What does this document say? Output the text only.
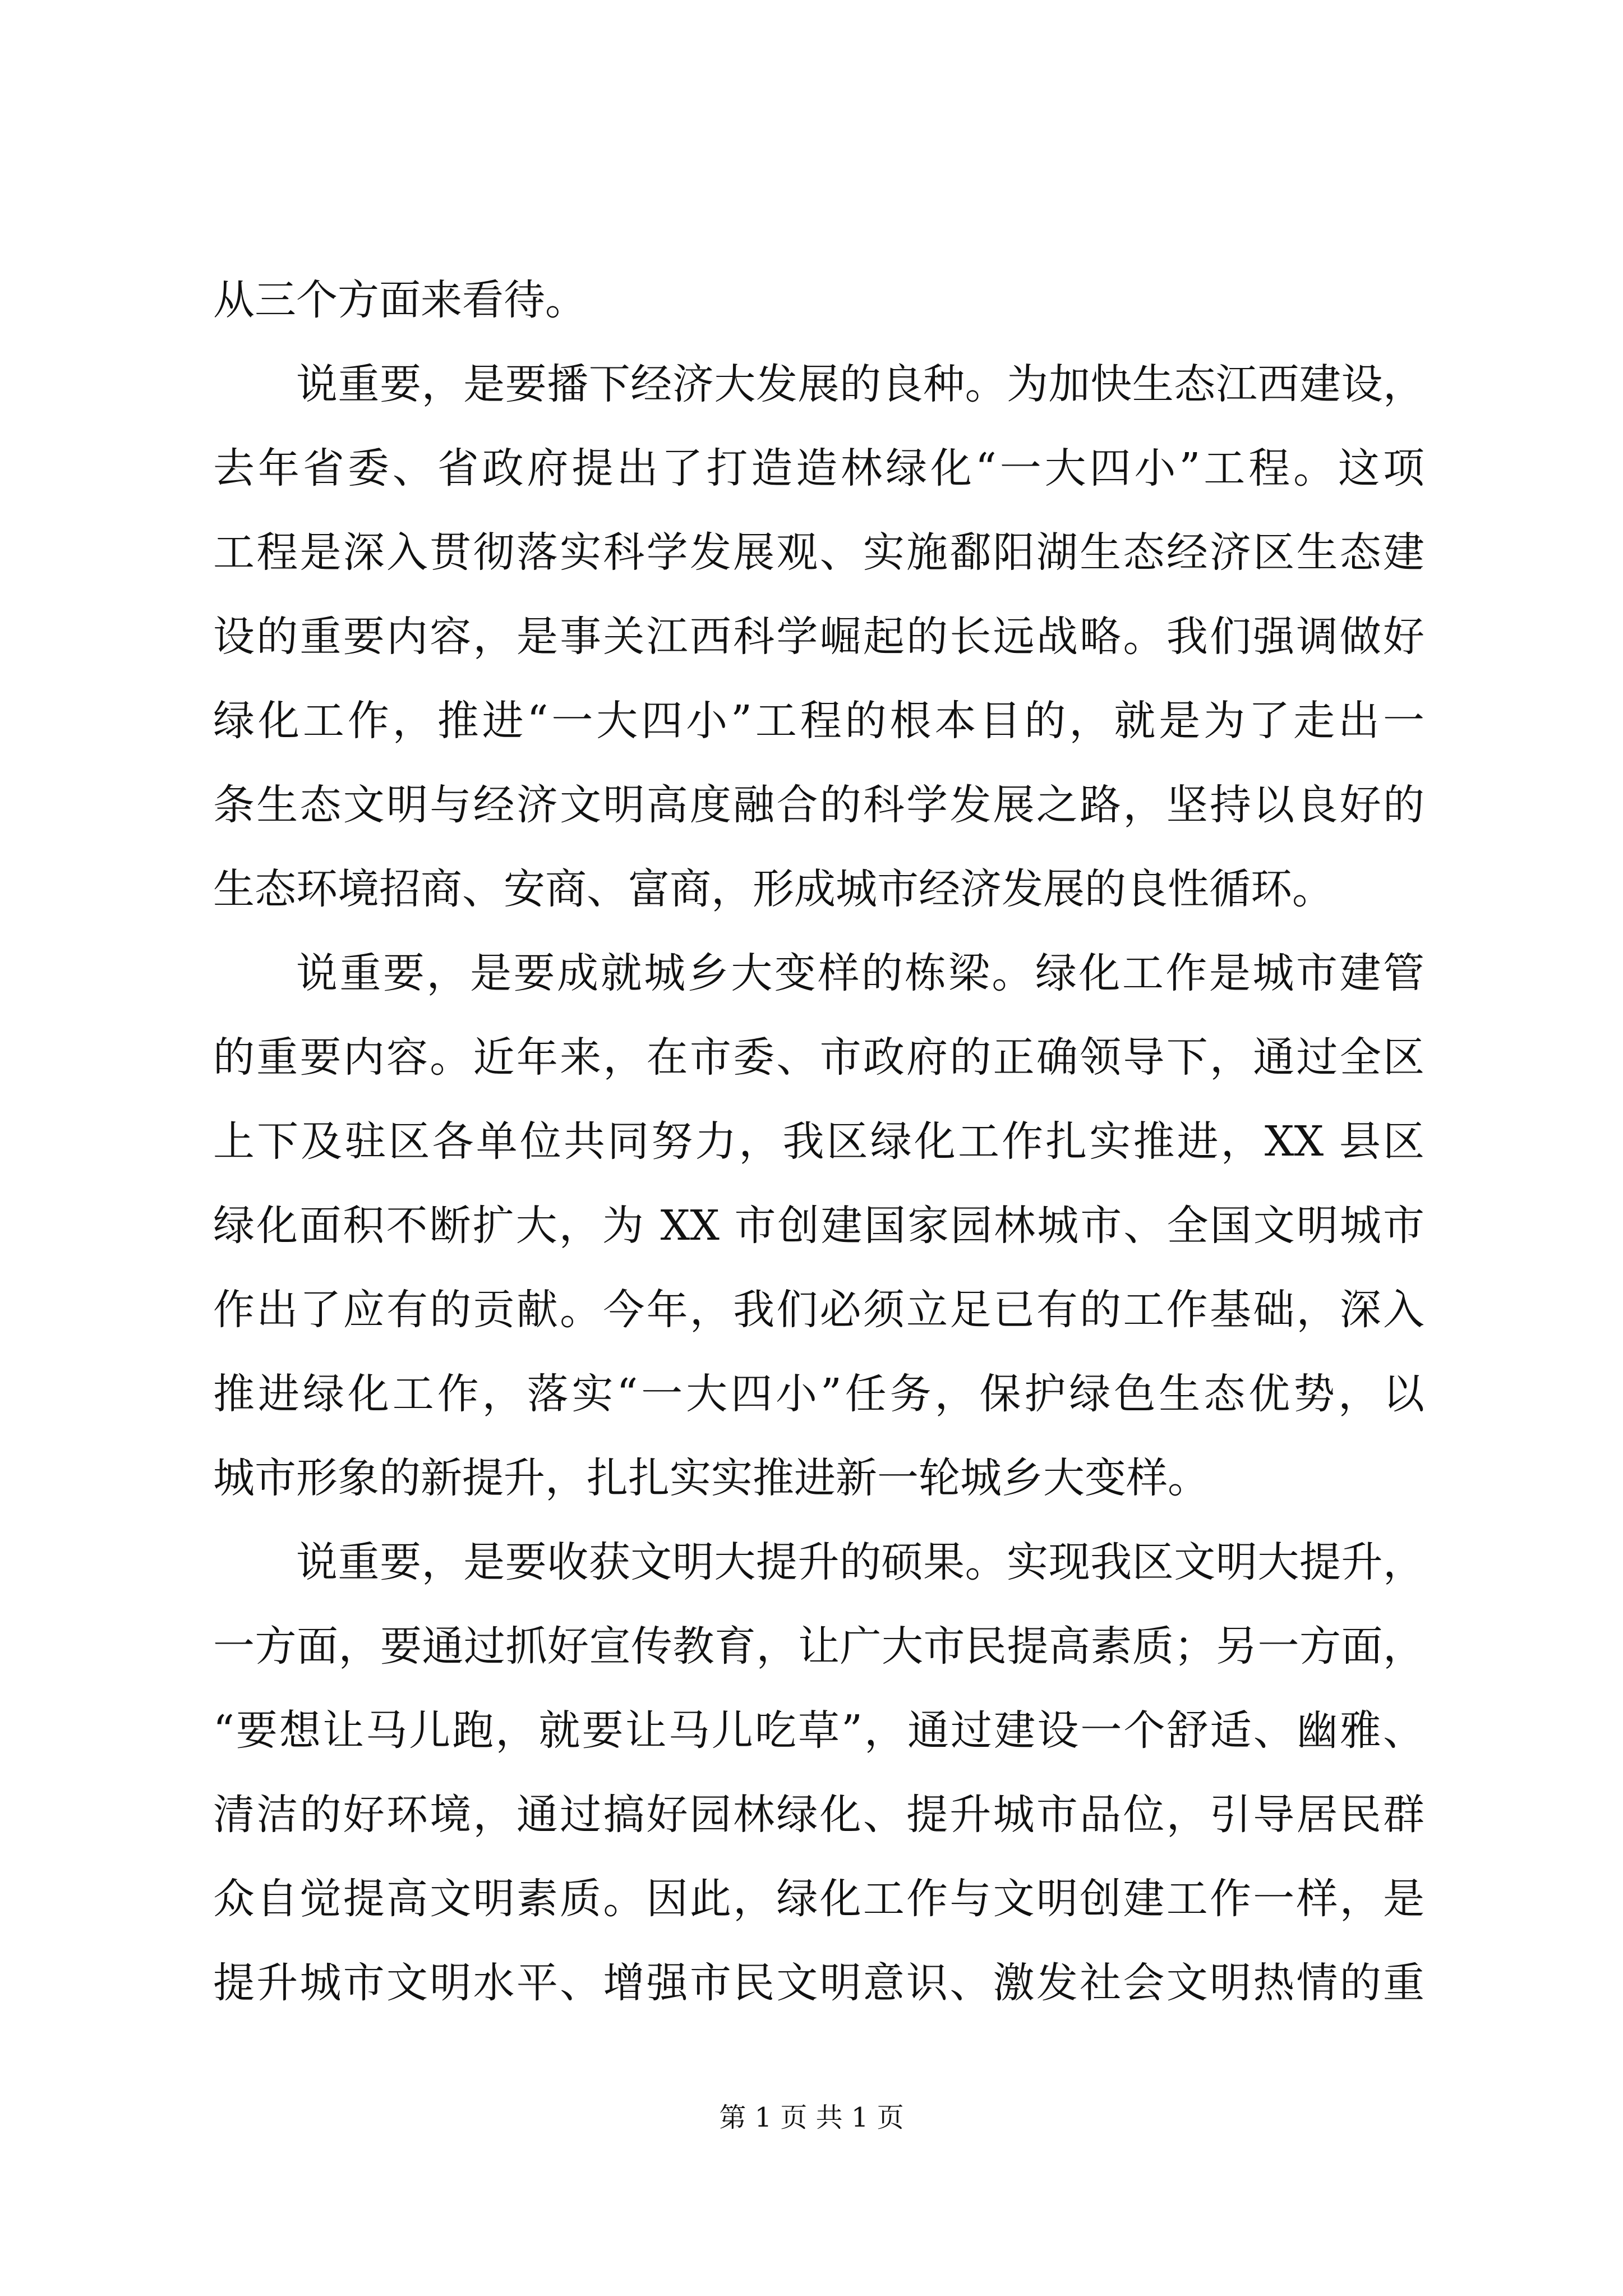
从三个方面来看待。
说重要，是要播下经济大发展的良种。为加快生态江西建设，
去年省委、省政府提出了打造造林绿化“一大四小”工程。这项
工程是深入贯彻落实科学发展观、实施鄱阳湖生态经济区生态建
设的重要内容，是事关江西科学崛起的长远战略。我们强调做好
绿化工作，推进“一大四小”工程的根本目的，就是为了走出一
条生态文明与经济文明高度融合的科学发展之路，坚持以良好的
生态环境招商、安商、富商，形成城市经济发展的良性循环。
说重要，是要成就城乡大变样的栋梁。绿化工作是城市建管
的重要内容。近年来，在市委、市政府的正确领导下，通过全区
上下及驻区各单位共同努力，我区绿化工作扎实推进，XX 县区
绿化面积不断扩大，为 XX 市创建国家园林城市、全国文明城市
作出了应有的贡献。今年，我们必须立足已有的工作基础，深入
推进绿化工作，落实“一大四小”任务，保护绿色生态优势，以
城市形象的新提升，扎扎实实推进新一轮城乡大变样。
说重要，是要收获文明大提升的硕果。实现我区文明大提升，
一方面，要通过抓好宣传教育，让广大市民提高素质；另一方面，
“要想让马儿跑，就要让马儿吃草”，通过建设一个舒适、幽雅、
清洁的好环境，通过搞好园林绿化、提升城市品位，引导居民群
众自觉提高文明素质。因此，绿化工作与文明创建工作一样，是
提升城市文明水平、增强市民文明意识、激发社会文明热情的重
第 1 页 共 1 页
